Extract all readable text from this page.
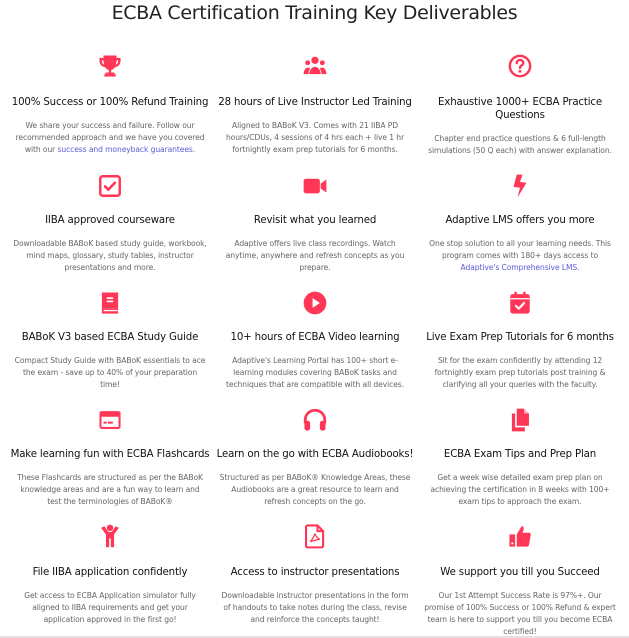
ECBA Certification Training Key Deliverables
100% Success or 100% Refund Training
We share your success and failure. Follow our recommended approach and we have you covered with our success and moneyback guarantees.
28 hours of Live Instructor Led Training
Aligned to BABoK V3. Comes with 21 IIBA PD hours/CDUs, 4 sessions of 4 hrs each + live 1 hr fortnightly exam prep tutorials for 6 months.
Exhaustive 1000+ ECBA Practice Questions
Chapter end practice questions & 6 full-length simulations (50 Q each) with answer explanation.
IIBA approved courseware
Downloadable BABoK based study guide, workbook, mind maps, glossary, study tables, instructor presentations and more.
Revisit what you learned
Adaptive offers live class recordings. Watch anytime, anywhere and refresh concepts as you prepare.
Adaptive LMS offers you more
One stop solution to all your learning needs. This program comes with 180+ days access to Adaptive's Comprehensive LMS.
BABoK V3 based ECBA Study Guide
Compact Study Guide with BABoK essentials to ace the exam - save up to 40% of your preparation time!
10+ hours of ECBA Video learning
Adaptive's Learning Portal has 100+ short e-learning modules covering BABoK tasks and techniques that are compatible with all devices.
Live Exam Prep Tutorials for 6 months
Sit for the exam confidently by attending 12 fortnightly exam prep tutorials post training & clarifying all your queries with the faculty.
Make learning fun with ECBA Flashcards
These Flashcards are structured as per the BABoK knowledge areas and are a fun way to learn and test the terminologies of BABoK®
Learn on the go with ECBA Audiobooks!
Structured as per BABoK® Knowledge Areas, these Audiobooks are a great resource to learn and refresh concepts on the go.
ECBA Exam Tips and Prep Plan
Get a week wise detailed exam prep plan on achieving the certification in 8 weeks with 100+ exam tips to approach the exam.
File IIBA application confidently
Get access to ECBA Application simulator fully aligned to IIBA requirements and get your application approved in the first go!
Access to instructor presentations
Downloadable instructor presentations in the form of handouts to take notes during the class, revise and reinforce the concepts taught!
We support you till you Succeed
Our 1st Attempt Success Rate is 97%+. Our promise of 100% Success or 100% Refund & expert team is here to support you till you become ECBA certified!
